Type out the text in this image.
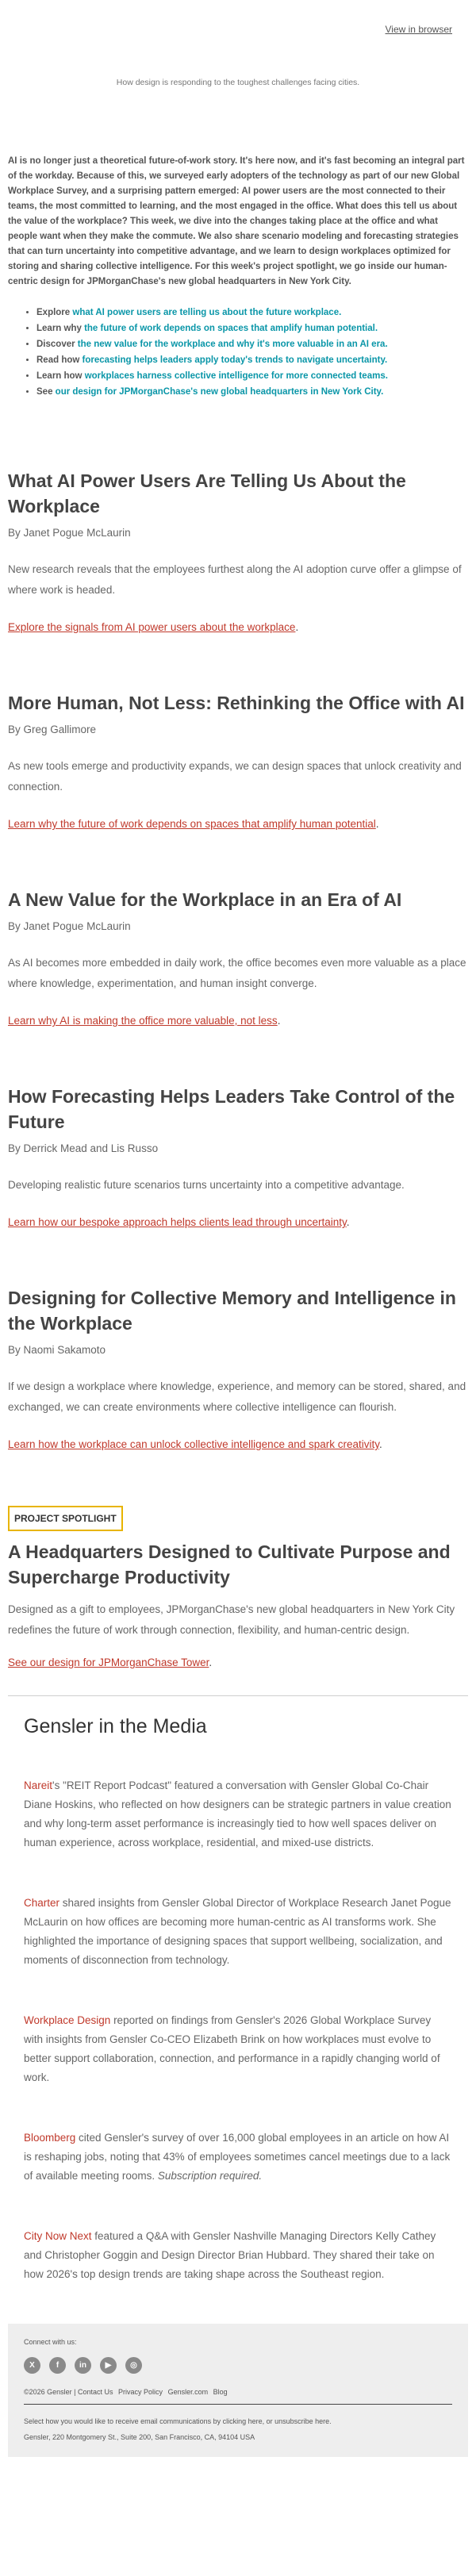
View in browser
How design is responding to the toughest challenges facing cities.

AI is no longer just a theoretical future-of-work story. It's here now, and it's fast becoming an integral part of the workday. Because of this, we surveyed early adopters of the technology as part of our new Global Workplace Survey, and a surprising pattern emerged: AI power users are the most connected to their teams, the most committed to learning, and the most engaged in the office. What does this tell us about the value of the workplace? This week, we dive into the changes taking place at the office and what people want when they make the commute. We also share scenario modeling and forecasting strategies that can turn uncertainty into competitive advantage, and we learn to design workplaces optimized for storing and sharing collective intelligence. For this week's project spotlight, we go inside our human-centric design for JPMorganChase's new global headquarters in New York City.

• Explore what AI power users are telling us about the future workplace.
• Learn why the future of work depends on spaces that amplify human potential.
• Discover the new value for the workplace and why it's more valuable in an AI era.
• Read how forecasting helps leaders apply today's trends to navigate uncertainty.
• Learn how workplaces harness collective intelligence for more connected teams.
• See our design for JPMorganChase's new global headquarters in New York City.
What AI Power Users Are Telling Us About the Workplace
By Janet Pogue McLaurin

New research reveals that the employees furthest along the AI adoption curve offer a glimpse of where work is headed.

Explore the signals from AI power users about the workplace.
More Human, Not Less: Rethinking the Office with AI
By Greg Gallimore

As new tools emerge and productivity expands, we can design spaces that unlock creativity and connection.

Learn why the future of work depends on spaces that amplify human potential.
A New Value for the Workplace in an Era of AI
By Janet Pogue McLaurin

As AI becomes more embedded in daily work, the office becomes even more valuable as a place where knowledge, experimentation, and human insight converge.

Learn why AI is making the office more valuable, not less.
How Forecasting Helps Leaders Take Control of the Future
By Derrick Mead and Lis Russo

Developing realistic future scenarios turns uncertainty into a competitive advantage.

Learn how our bespoke approach helps clients lead through uncertainty.
Designing for Collective Memory and Intelligence in the Workplace
By Naomi Sakamoto

If we design a workplace where knowledge, experience, and memory can be stored, shared, and exchanged, we can create environments where collective intelligence can flourish.

Learn how the workplace can unlock collective intelligence and spark creativity.
PROJECT SPOTLIGHT
A Headquarters Designed to Cultivate Purpose and Supercharge Productivity

Designed as a gift to employees, JPMorganChase's new global headquarters in New York City redefines the future of work through connection, flexibility, and human-centric design.

See our design for JPMorganChase Tower.
Gensler in the Media

Nareit's "REIT Report Podcast" featured a conversation with Gensler Global Co-Chair Diane Hoskins, who reflected on how designers can be strategic partners in value creation and why long-term asset performance is increasingly tied to how well spaces deliver on human experience, across workplace, residential, and mixed-use districts.

Charter shared insights from Gensler Global Director of Workplace Research Janet Pogue McLaurin on how offices are becoming more human-centric as AI transforms work. She highlighted the importance of designing spaces that support wellbeing, socialization, and moments of disconnection from technology.

Workplace Design reported on findings from Gensler's 2026 Global Workplace Survey with insights from Gensler Co-CEO Elizabeth Brink on how workplaces must evolve to better support collaboration, connection, and performance in a rapidly changing world of work.

Bloomberg cited Gensler's survey of over 16,000 global employees in an article on how AI is reshaping jobs, noting that 43% of employees sometimes cancel meetings due to a lack of available meeting rooms. Subscription required.

City Now Next featured a Q&A with Gensler Nashville Managing Directors Kelly Cathey and Christopher Goggin and Design Director Brian Hubbard. They shared their take on how 2026's top design trends are taking shape across the Southeast region.

Connect with us:
X	f	in	▶	◎
©2026 Gensler | Contact Us Privacy Policy Gensler.com Blog
Select how you would like to receive email communications by clicking here, or unsubscribe here.
Gensler, 220 Montgomery St., Suite 200, San Francisco, CA, 94104 USA
